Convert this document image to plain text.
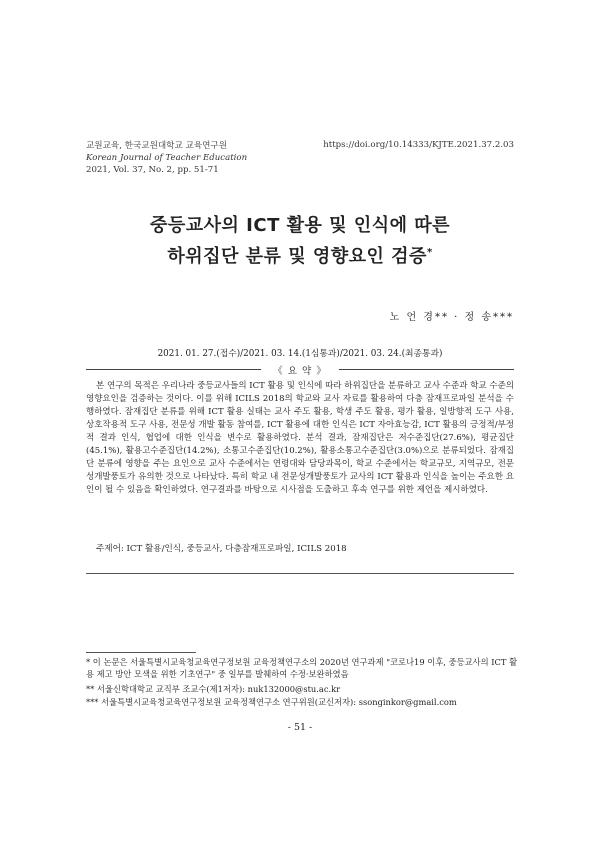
교원교육, 한국교원대학교 교육연구원
Korean Journal of Teacher Education
2021, Vol. 37, No. 2, pp. 51-71
https://doi.org/10.14333/KJTE.2021.37.2.03
중등교사의 ICT 활용 및 인식에 따른
하위집단 분류 및 영향요인 검증*
노 언 경** · 정 송***
2021. 01. 27.(접수)/2021. 03. 14.(1심통과)/2021. 03. 24.(최종통과)
《 요 약 》

본 연구의 목적은 우리나라 중등교사들의 ICT 활용 및 인식에 따라 하위집단을 분류하고 교사 수준과 학교 수준의 영향요인을 검증하는 것이다. 이를 위해 ICILS 2018의 학교와 교사 자료를 활용하여 다층 잠재프로파일 분석을 수행하였다. 잠재집단 분류를 위해 ICT 활용 실태는 교사 주도 활용, 학생 주도 활용, 평가 활용, 일방향적 도구 사용, 상호작용적 도구 사용, 전문성 개발 활동 참여를, ICT 활용에 대한 인식은 ICT 자아효능감, ICT 활용의 긍정적/부정적 결과 인식, 협업에 대한 인식을 변수로 활용하였다. 분석 결과, 잠재집단은 저수준집단(27.6%), 평균집단(45.1%), 활용고수준집단(14.2%), 소통고수준집단(10.2%), 활용소통고수준집단(3.0%)으로 분류되었다. 잠재집단 분류에 영향을 주는 요인으로 교사 수준에서는 연령대와 담당과목이, 학교 수준에서는 학교규모, 지역규모, 전문성개발풍토가 유의한 것으로 나타났다. 특히 학교 내 전문성개발풍토가 교사의 ICT 활용과 인식을 높이는 주요한 요인이 될 수 있음을 확인하였다. 연구결과를 바탕으로 시사점을 도출하고 후속 연구를 위한 제언을 제시하였다.

주제어: ICT 활용/인식, 중등교사, 다층잠재프로파일, ICILS 2018

* 이 논문은 서울특별시교육청교육연구정보원 교육정책연구소의 2020년 연구과제 "코로나19 이후, 중등교사의 ICT 활용 제고 방안 모색을 위한 기초연구" 중 일부를 발췌하여 수정·보완하였음

** 서울신학대학교 교직부 조교수(제1저자): nuk132000@stu.ac.kr

*** 서울특별시교육청교육연구정보원 교육정책연구소 연구위원(교신저자): ssonginkor@gmail.com

- 51 -
